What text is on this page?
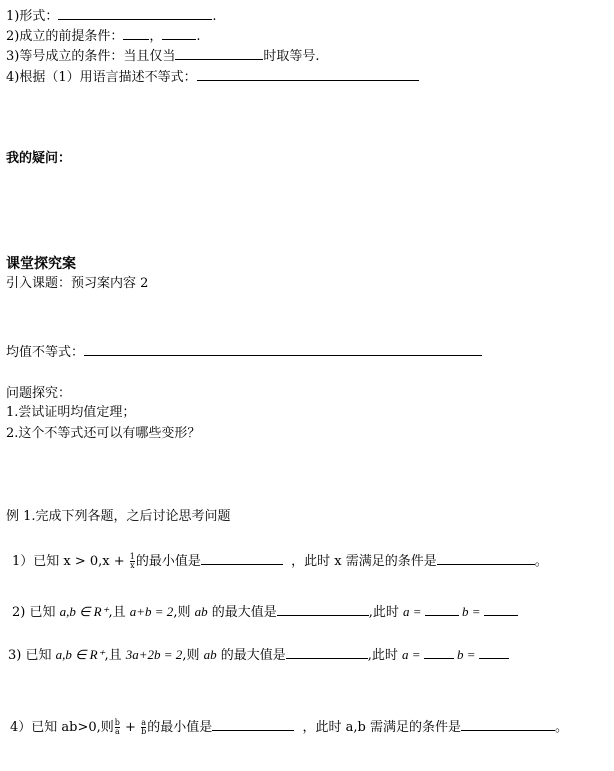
1)形式：	.
2)成立的前提条件： ，	.
3)等号成立的条件：当且仅当	时取等号.
4)根据（1）用语言描述不等式：
我的疑问：
课堂探究案
引入课题：预习案内容 2
均值不等式：
问题探究：
1.尝试证明均值定理；
2.这个不等式还可以有哪些变形？
例 1.完成下列各题，之后讨论思考问题
1）已知 $x > 0,x + \frac{1}{x}$ 的最小值是	，此时 x 需满足的条件是	。
2) 已知 a,b ∈ R⁺,且 a+b = 2,则 ab 的最大值是	,此时 a =	b =
3) 已知 a,b ∈ R⁺,且 3a+2b = 2,则 ab 的最大值是	,此时 a =  b =
4）已知 ab>0,则 $\frac{b}{a} + \frac{a}{b}$ 的最小值是	，此时 a,b 需满足的条件是	。
